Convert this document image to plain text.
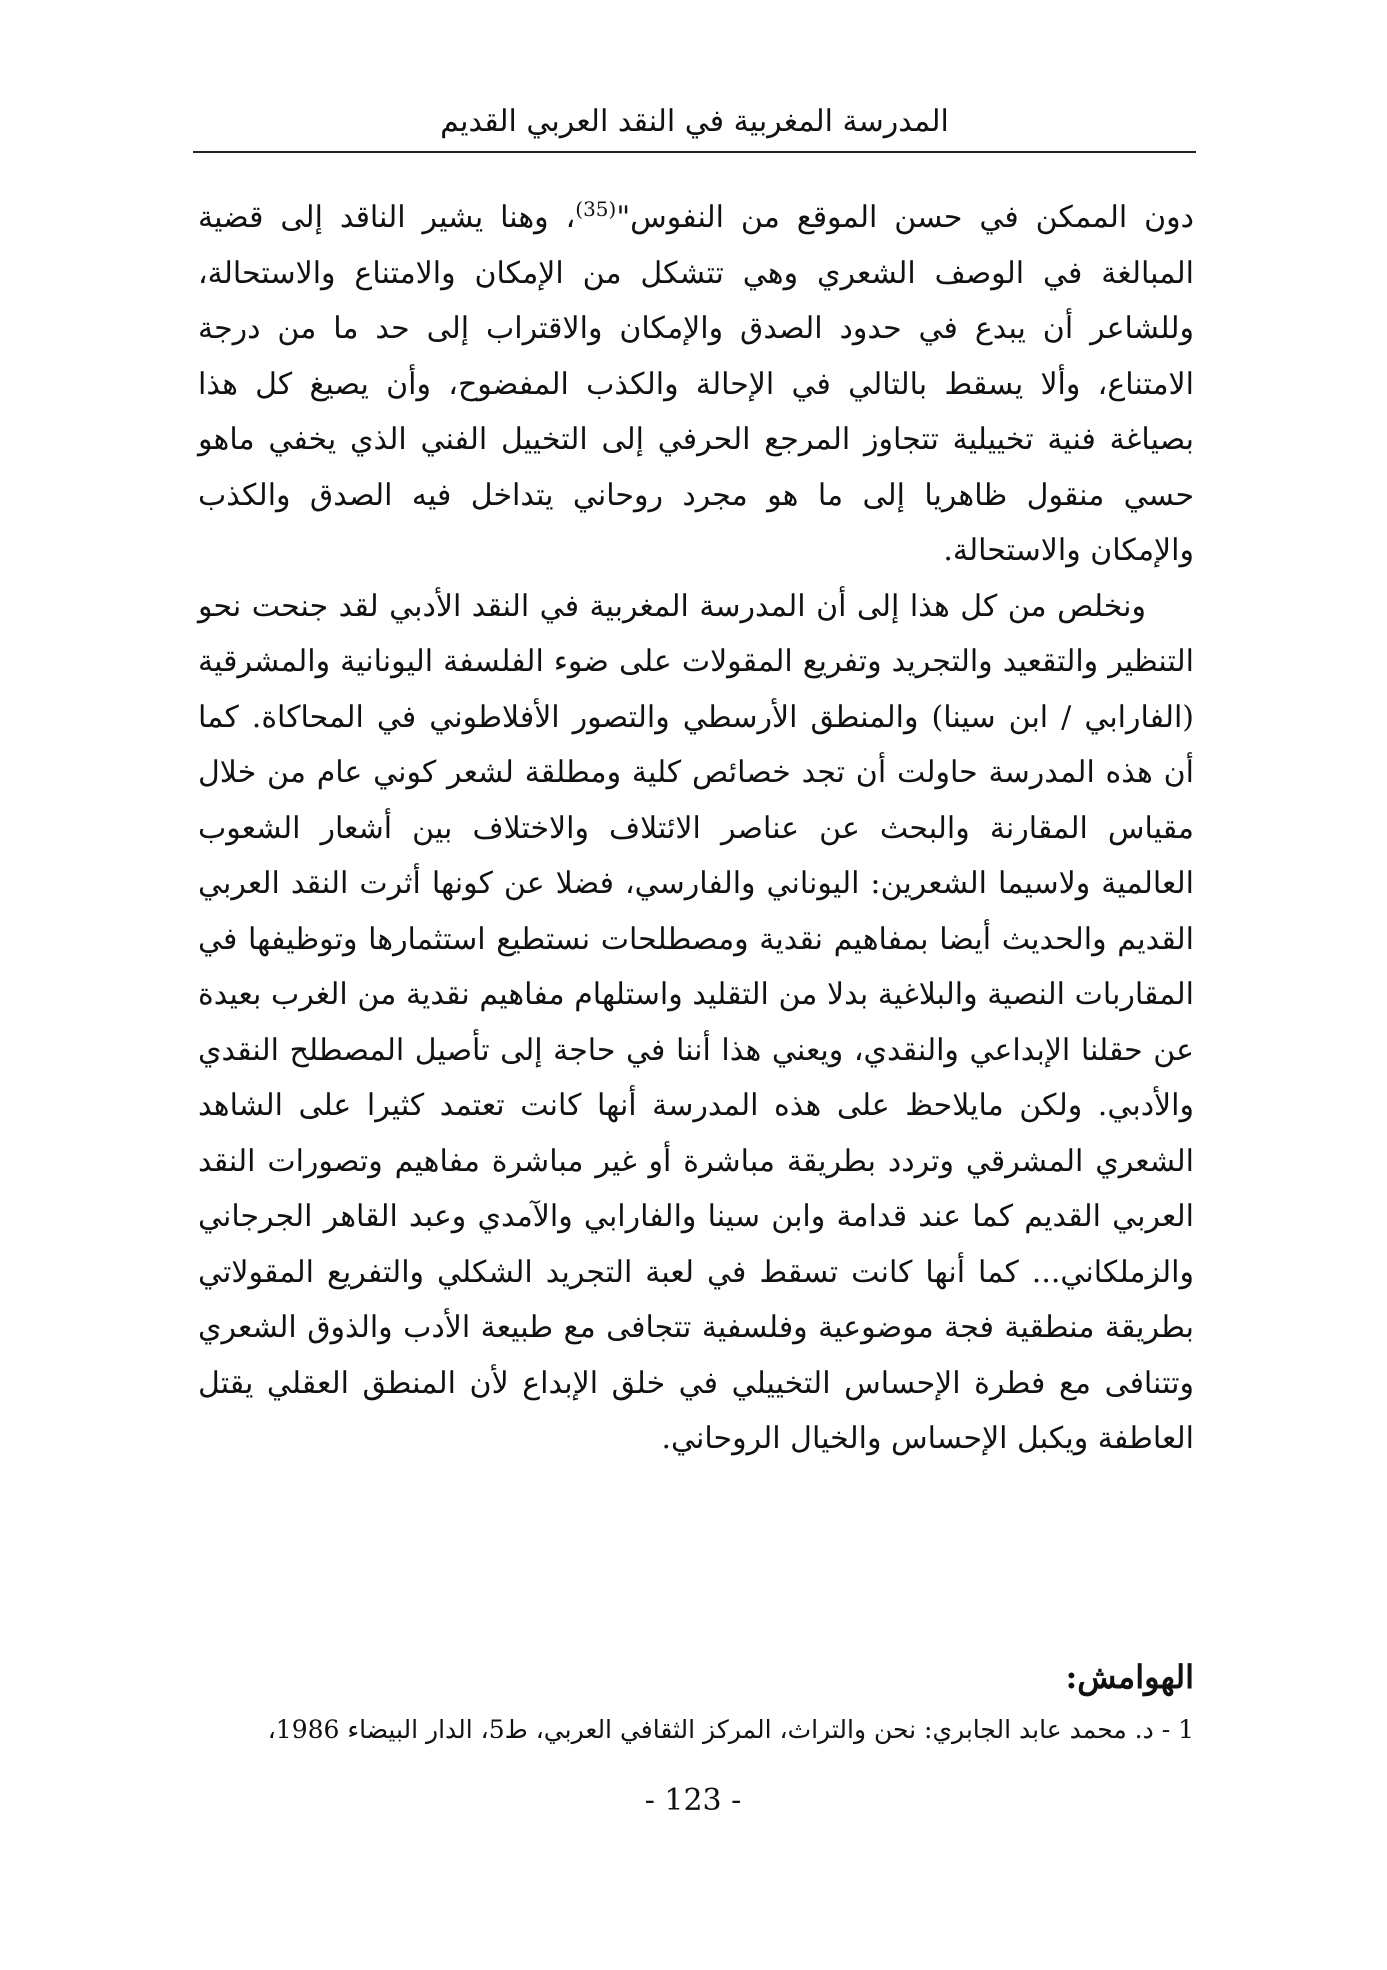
المدرسة المغربية في النقد العربي القديم

دون الممكن في حسن الموقع من النفوس"$^{(35)}$، وهنا يشير الناقد إلى قضية المبالغة في الوصف الشعري وهي تتشكل من الإمكان والامتناع والاستحالة، وللشاعر أن يبدع في حدود الصدق والإمكان والاقتراب إلى حد ما من درجة الامتناع، وألا يسقط بالتالي في الإحالة والكذب المفضوح، وأن يصيغ كل هذا بصياغة فنية تخييلية تتجاوز المرجع الحرفي إلى التخييل الفني الذي يخفي ماهو حسي منقول ظاهريا إلى ما هو مجرد روحاني يتداخل فيه الصدق والكذب والإمكان والاستحالة.

ونخلص من كل هذا إلى أن المدرسة المغربية في النقد الأدبي لقد جنحت نحو التنظير والتقعيد والتجريد وتفريع المقولات على ضوء الفلسفة اليونانية والمشرقية (الفارابي / ابن سينا) والمنطق الأرسطي والتصور الأفلاطوني في المحاكاة. كما أن هذه المدرسة حاولت أن تجد خصائص كلية ومطلقة لشعر كوني عام من خلال مقياس المقارنة والبحث عن عناصر الائتلاف والاختلاف بين أشعار الشعوب العالمية ولاسيما الشعرين: اليوناني والفارسي، فضلا عن كونها أثرت النقد العربي القديم والحديث أيضا بمفاهيم نقدية ومصطلحات نستطيع استثمارها وتوظيفها في المقاربات النصية والبلاغية بدلا من التقليد واستلهام مفاهيم نقدية من الغرب بعيدة عن حقلنا الإبداعي والنقدي، ويعني هذا أننا في حاجة إلى تأصيل المصطلح النقدي والأدبي. ولكن مايلاحظ على هذه المدرسة أنها كانت تعتمد كثيرا على الشاهد الشعري المشرقي وتردد بطريقة مباشرة أو غير مباشرة مفاهيم وتصورات النقد العربي القديم كما عند قدامة وابن سينا والفارابي والآمدي وعبد القاهر الجرجاني والزملكاني... كما أنها كانت تسقط في لعبة التجريد الشكلي والتفريع المقولاتي بطريقة منطقية فجة موضوعية وفلسفية تتجافى مع طبيعة الأدب والذوق الشعري وتتنافى مع فطرة الإحساس التخييلي في خلق الإبداع لأن المنطق العقلي يقتل العاطفة ويكبل الإحساس والخيال الروحاني.

الهوامش:
1 - د. محمد عابد الجابري: نحن والتراث، المركز الثقافي العربي، ط5، الدار البيضاء 1986،
- 123 -
